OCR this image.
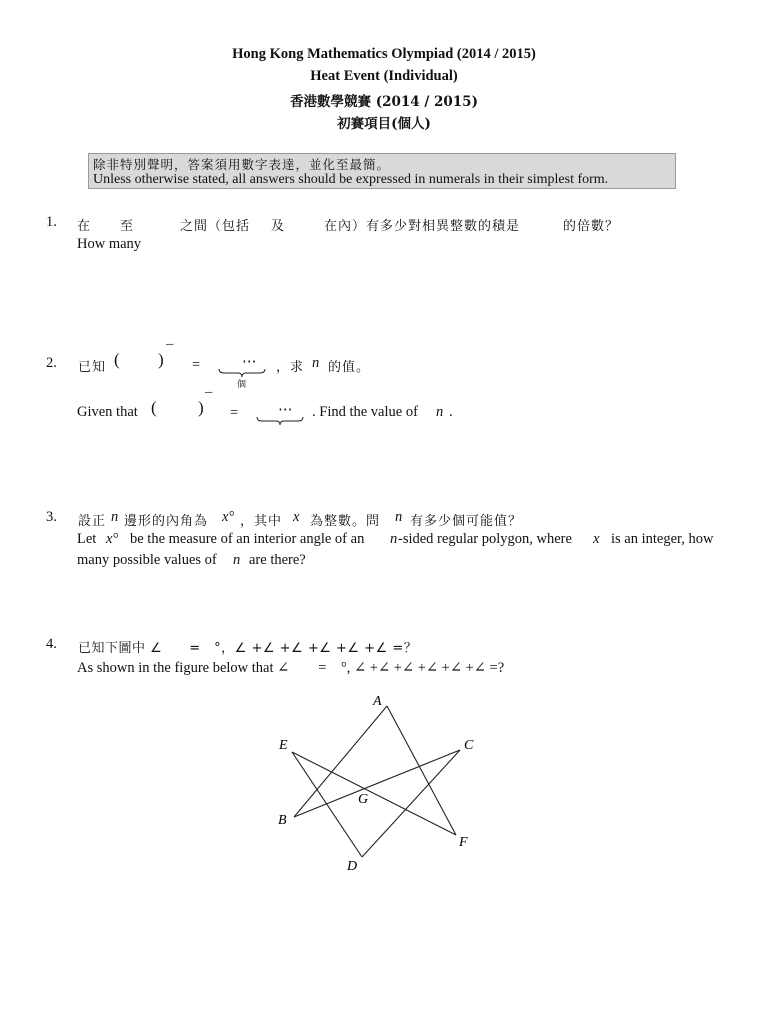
Hong Kong Mathematics Olympiad (2014 / 2015)
Heat Event (Individual)
香港數學競賽 (2014 / 2015)
初賽項目(個人)
除非特別聲明，答案須用數字表達，並化至最簡。
Unless otherwise stated, all answers should be expressed in numerals in their simplest form.
1. 在 至	之間（包括 及	在內）有多少對相異整數的積是	的倍數？
How many
2. 已知 ( ) ¯
=	⋯
個
，求 n 的值。
Given that ( ) ¯
=	⋯ . Find the value of n .
3. 設正 n 邊形的內角為 x° ，其中 x 為整數。問 n 有多少個可能值？
Let x° be the measure of an interior angle of an n -sided regular polygon, where x is an integer, how
many possible values of n are there?
4. 已知下圖中 ∠　　=　°，∠ +∠ +∠ +∠ +∠ +∠ =？
As shown in the figure below that ∠　　=　°, ∠ +∠ +∠ +∠ +∠ +∠ =?
A
B
C
D
E
F
G
